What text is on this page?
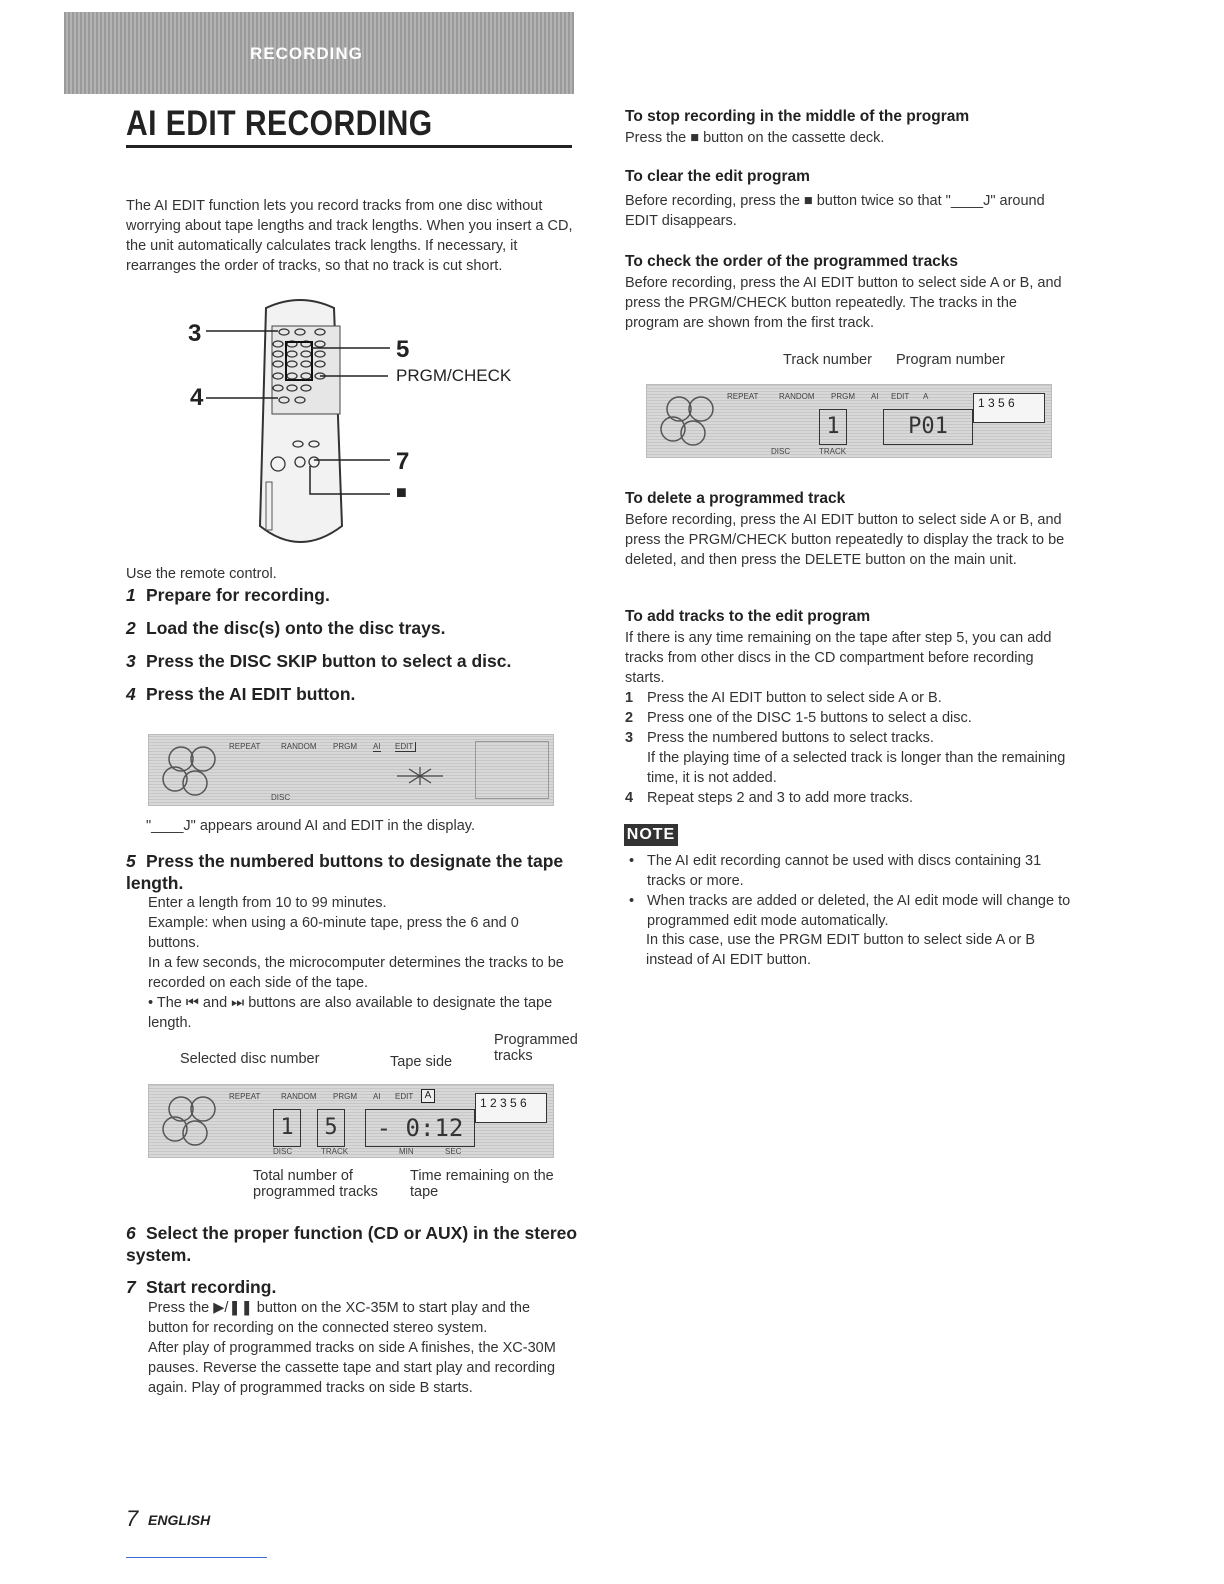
RECORDING
AI EDIT RECORDING
The AI EDIT function lets you record tracks from one disc without worrying about tape lengths and track lengths. When you insert a CD, the unit automatically calculates track lengths. If necessary, it rearranges the order of tracks, so that no track is cut short.
3
4
5
PRGM/CHECK
7
■
Use the remote control.
1 Prepare for recording.
2 Load the disc(s) onto the disc trays.
3 Press the DISC SKIP button to select a disc.
4 Press the AI EDIT button.
REPEAT	RANDOM PRGM AI EDIT
DISC
"____J" appears around AI and EDIT in the display.
5 Press the numbered buttons to designate the tape length.
Enter a length from 10 to 99 minutes.
Example: when using a 60-minute tape, press the 6 and 0 buttons.
In a few seconds, the microcomputer determines the tracks to be recorded on each side of the tape.
• The ⏮ and ⏭ buttons are also available to designate the tape length.
Selected disc number	Tape side
Programmed tracks
REPEAT	RANDOM PRGM AI EDIT	A
DISC	TRACK	MIN	SEC
1	5	- 0:12
1 2 3 5 6
Total number of programmed tracks
Time remaining on the tape
6 Select the proper function (CD or AUX) in the stereo system.
7 Start recording.
Press the ▶/❚❚ button on the XC-35M to start play and the button for recording on the connected stereo system.
After play of programmed tracks on side A finishes, the XC-30M pauses. Reverse the cassette tape and start play and recording again. Play of programmed tracks on side B starts.
To stop recording in the middle of the program
Press the ■ button on the cassette deck.
To clear the edit program
Before recording, press the ■ button twice so that "____J" around EDIT disappears.
To check the order of the programmed tracks
Before recording, press the AI EDIT button to select side A or B, and press the PRGM/CHECK button repeatedly. The tracks in the program are shown from the first track.
Track number Program number
REPEAT	RANDOM PRGM AI EDIT A
DISC	TRACK
1	P01
1 3 5 6
To delete a programmed track
Before recording, press the AI EDIT button to select side A or B, and press the PRGM/CHECK button repeatedly to display the track to be deleted, and then press the DELETE button on the main unit.
To add tracks to the edit program
If there is any time remaining on the tape after step 5, you can add tracks from other discs in the CD compartment before recording starts.
1 Press the AI EDIT button to select side A or B.
2 Press one of the DISC 1-5 buttons to select a disc.
3 Press the numbered buttons to select tracks.
If the playing time of a selected track is longer than the remaining time, it is not added.
4 Repeat steps 2 and 3 to add more tracks.
NOTE
• The AI edit recording cannot be used with discs containing 31 tracks or more.
• When tracks are added or deleted, the AI edit mode will change to programmed edit mode automatically.
In this case, use the PRGM EDIT button to select side A or B instead of AI EDIT button.
7 ENGLISH
